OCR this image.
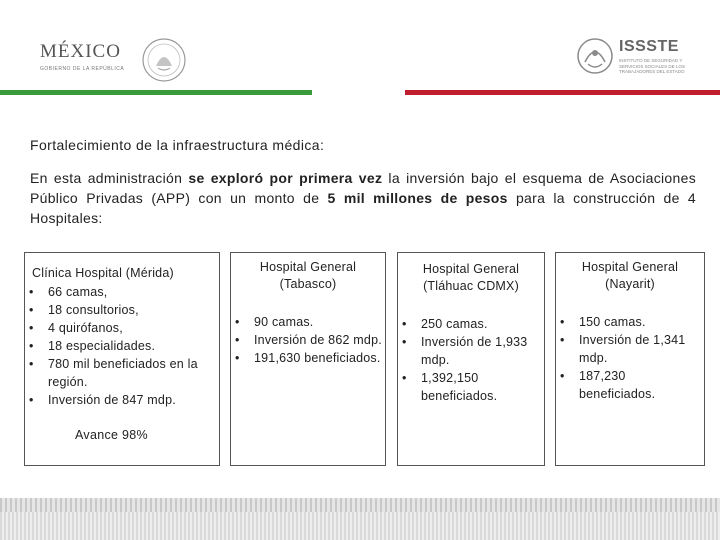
MÉXICO
GOBIERNO DE LA REPÚBLICA
ISSSTE
INSTITUTO DE SEGURIDAD Y SERVICIOS SOCIALES DE LOS TRABAJADORES DEL ESTADO
Fortalecimiento de la infraestructura médica:
En esta administración se exploró por primera vez la inversión bajo el esquema de Asociaciones Público Privadas (APP) con un monto de 5 mil millones de pesos para la construcción de 4 Hospitales:
Clínica Hospital (Mérida)
• 66 camas,
• 18 consultorios,
• 4 quirófanos,
• 18 especialidades.
• 780 mil beneficiados en la región.
• Inversión de 847 mdp.
Avance 98%
Hospital General (Tabasco)
• 90 camas.
• Inversión de 862 mdp.
• 191,630 beneficiados.
Hospital General (Tláhuac CDMX)
• 250 camas.
• Inversión de 1,933 mdp.
• 1,392,150 beneficiados.
Hospital General (Nayarit)
• 150 camas.
• Inversión de 1,341 mdp.
• 187,230 beneficiados.
